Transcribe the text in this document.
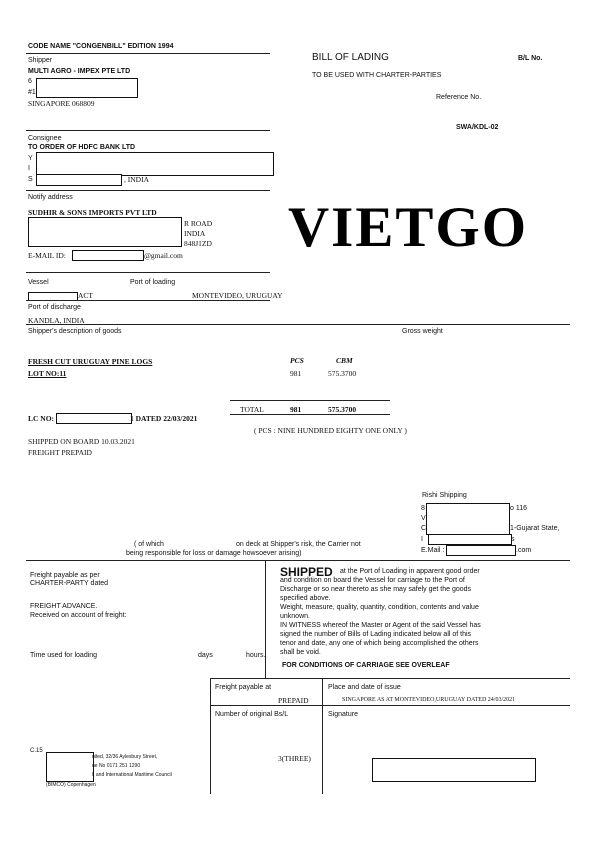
CODE NAME "CONGENBILL" EDITION 1994
BILL OF LADING	B/L No.
TO BE USED WITH CHARTER-PARTIES
Reference No.
SWA/KDL-02
Shipper
MULTI AGRO - IMPEX PTE LTD
6
#1
SINGAPORE 068809
Consignee
TO ORDER OF HDFC BANK LTD
Y
I
S	, INDIA
Notify address
SUDHIR & SONS IMPORTS PVT LTD
R ROAD
INDIA
848J1ZD
E-MAIL ID:	@gmail.com VIETGO
Vessel	Port of loading
ACT	MONTEVIDEO, URUGUAY
Port of discharge
KANDLA, INDIA
Shipper's description of goods	Gross weight
FRESH CUT URUGUAY PINE LOGS
LOT NO:11
PCS	CBM
981	575.3700
TOTAL	981	575.3700
LC NO:	1 DATED 22/03/2021
( PCS : NINE HUNDRED EIGHTY ONE ONLY )
SHIPPED ON BOARD 10.03.2021
FREIGHT PREPAID
Rishi Shipping
8	o 116
V
C	1-Gujarat State,
I	s
E.Mail :	.com
( of which	on deck at Shipper's risk, the Carrier not
being responsible for loss or damage howsoever arising)
Freight payable as per
CHARTER-PARTY dated
FREIGHT ADVANCE.
Received on account of freight:
Time used for loading	days	hours.
SHIPPED at the Port of Loading in apparent good order
and condition on board the Vessel for carriage to the Port of
Discharge or so near thereto as she may safely get the goods
specified above.
Weight, measure, quality, quantity, condition, contents and value
unknown.
IN WITNESS whereof the Master or Agent of the said Vessel has
signed the number of Bills of Lading indicated below all of this
tenor and date, any one of which being accomplished the others
shall be void.
FOR CONDITIONS OF CARRIAGE SEE OVERLEAF
Freight payable at
PREPAID
Place and date of issue
SINGAPORE AS AT MONTEVIDEO,URUGUAY DATED 24/03/2021
Number of original Bs/L
3(THREE)
Signature
C.15
nited, 32/36 Aylesbury Street,
ne No 0171 251 1290
l, and International Maritime Council
(BIMCO) Copenhagen
